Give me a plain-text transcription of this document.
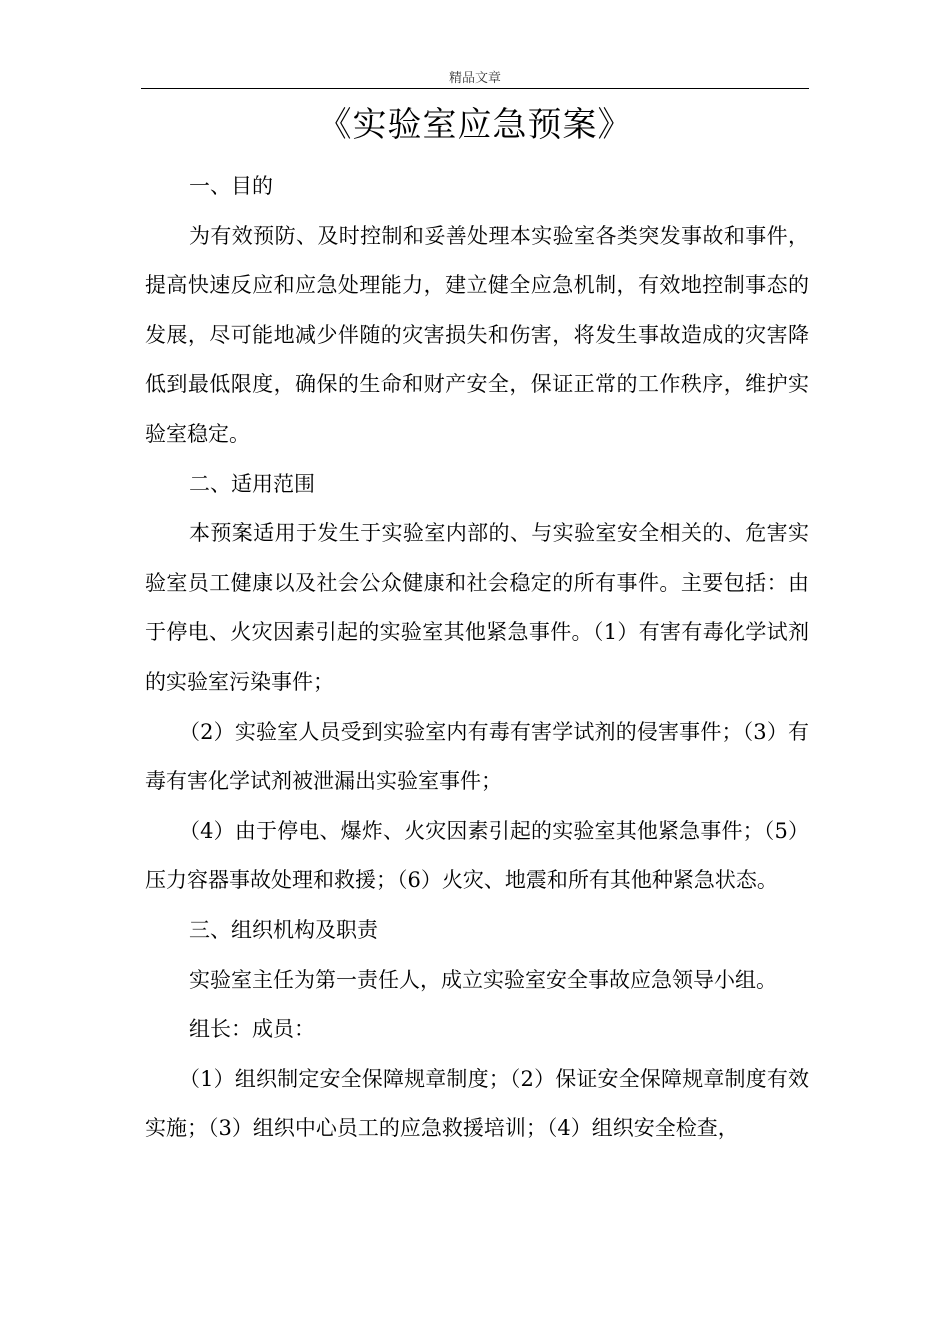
精品文章
《实验室应急预案》

一、目的

为有效预防、及时控制和妥善处理本实验室各类突发事故和事件，提高快速反应和应急处理能力，建立健全应急机制，有效地控制事态的发展，尽可能地减少伴随的灾害损失和伤害，将发生事故造成的灾害降低到最低限度，确保的生命和财产安全，保证正常的工作秩序，维护实验室稳定。

二、适用范围

本预案适用于发生于实验室内部的、与实验室安全相关的、危害实验室员工健康以及社会公众健康和社会稳定的所有事件。主要包括：由于停电、火灾因素引起的实验室其他紧急事件。（1）有害有毒化学试剂的实验室污染事件；

（2）实验室人员受到实验室内有毒有害学试剂的侵害事件；（3）有毒有害化学试剂被泄漏出实验室事件；

（4）由于停电、爆炸、火灾因素引起的实验室其他紧急事件；（5）压力容器事故处理和救援；（6）火灾、地震和所有其他种紧急状态。

三、组织机构及职责

实验室主任为第一责任人，成立实验室安全事故应急领导小组。

组长：成员：

（1）组织制定安全保障规章制度；（2）保证安全保障规章制度有效实施；（3）组织中心员工的应急救援培训；（4）组织安全检查，
